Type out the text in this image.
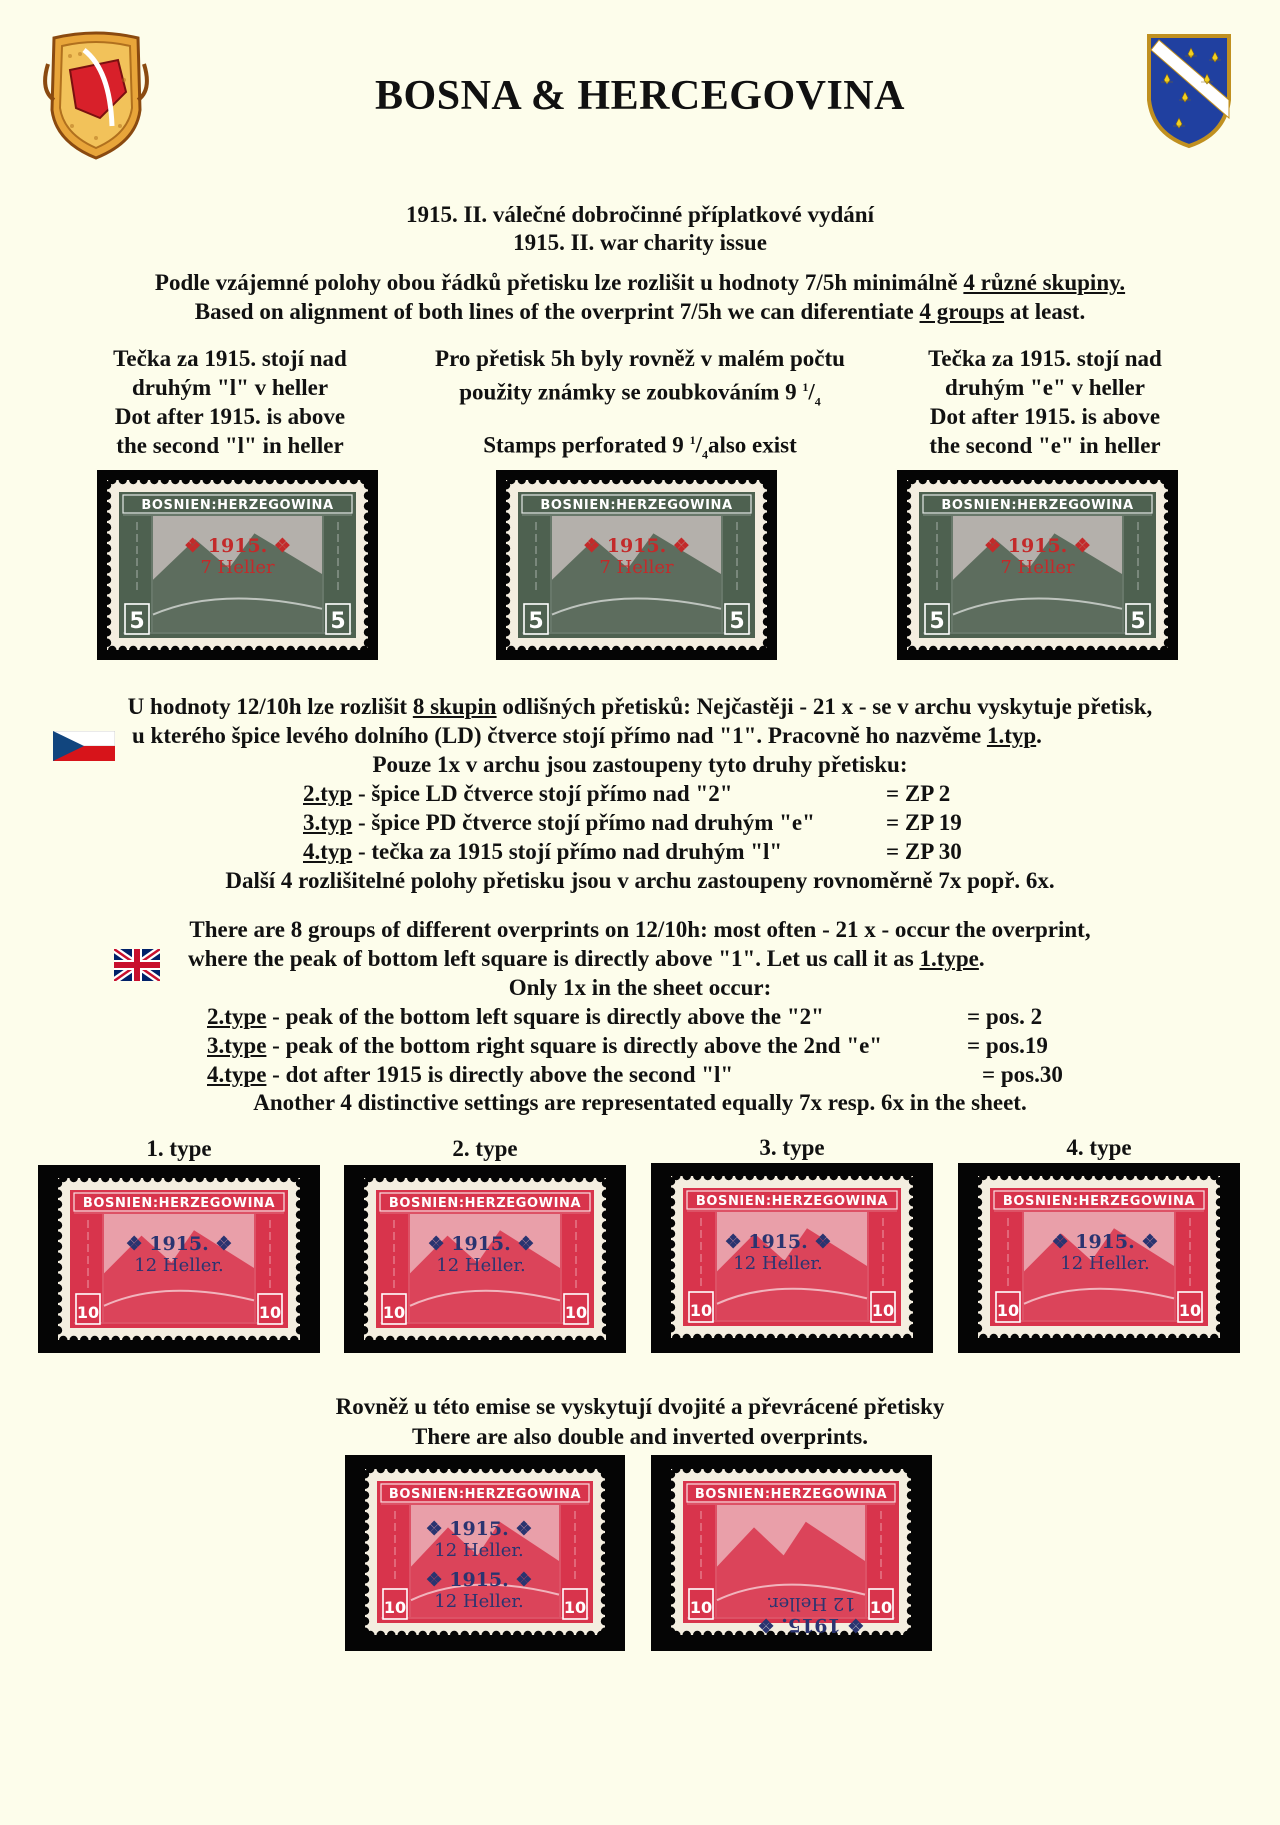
BOSNA & HERCEGOVINA
1915. II. válečné dobročinné příplatkové vydání
1915. II. war charity issue
Podle vzájemné polohy obou řádků přetisku lze rozlišit u hodnoty 7/5h minimálně 4 různé skupiny.
Based on alignment of both lines of the overprint 7/5h we can diferentiate 4 groups at least.
Tečka za 1915. stojí nad
druhým "l" v heller
Dot after 1915. is above
the second "l" in heller
Pro přetisk 5h byly rovněž v malém počtu
použity známky se zoubkováním 9 $^1/_4$
Stamps perforated 9 $^1/_4also$ exist
Tečka za 1915. stojí nad
druhým "e" v heller
Dot after 1915. is above
the second "e" in heller
BOSNIEN:HERZEGOWINA
5	5
❖ 1915. ❖
7 Heller
BOSNIEN:HERZEGOWINA
5	5
❖ 1915. ❖
7 Heller
BOSNIEN:HERZEGOWINA
5	5
❖ 1915. ❖
7 Heller
U hodnoty 12/10h lze rozlišit 8 skupin odlišných přetisků: Nejčastěji - 21 x - se v archu vyskytuje přetisk,
u kterého špice levého dolního (LD) čtverce stojí přímo nad "1". Pracovně ho nazvěme 1.typ.
Pouze 1x v archu jsou zastoupeny tyto druhy přetisku:
2.typ - špice LD čtverce stojí přímo nad "2"	= ZP 2
3.typ - špice PD čtverce stojí přímo nad druhým "e"	= ZP 19
4.typ - tečka za 1915 stojí přímo nad druhým "l"	= ZP 30
Další 4 rozlišitelné polohy přetisku jsou v archu zastoupeny rovnoměrně 7x popř. 6x.
There are 8 groups of different overprints on 12/10h: most often - 21 x - occur the overprint,
where the peak of bottom left square is directly above "1". Let us call it as 1.type.
Only 1x in the sheet occur:
2.type - peak of the bottom left square is directly above the "2"	= pos. 2
3.type - peak of the bottom right square is directly above the 2nd "e"	= pos.19
4.type - dot after 1915 is directly above the second "l"	= pos.30
Another 4 distinctive settings are representated equally 7x resp. 6x in the sheet.
1. type	2. type	3. type	4. type
BOSNIEN:HERZEGOWINA
10	10
❖ 1915. ❖
12 Heller.
BOSNIEN:HERZEGOWINA
10	10
❖ 1915. ❖
12 Heller.
BOSNIEN:HERZEGOWINA
10	10
❖ 1915. ❖
12 Heller.
BOSNIEN:HERZEGOWINA
10	10
❖ 1915. ❖
12 Heller.
Rovněž u této emise se vyskytují dvojité a převrácené přetisky
There are also double and inverted overprints.
BOSNIEN:HERZEGOWINA
10	10
❖ 1915. ❖
12 Heller.
❖ 1915. ❖
12 Heller.
BOSNIEN:HERZEGOWINA
10	10
❖ 1915. ❖
12 Heller.
